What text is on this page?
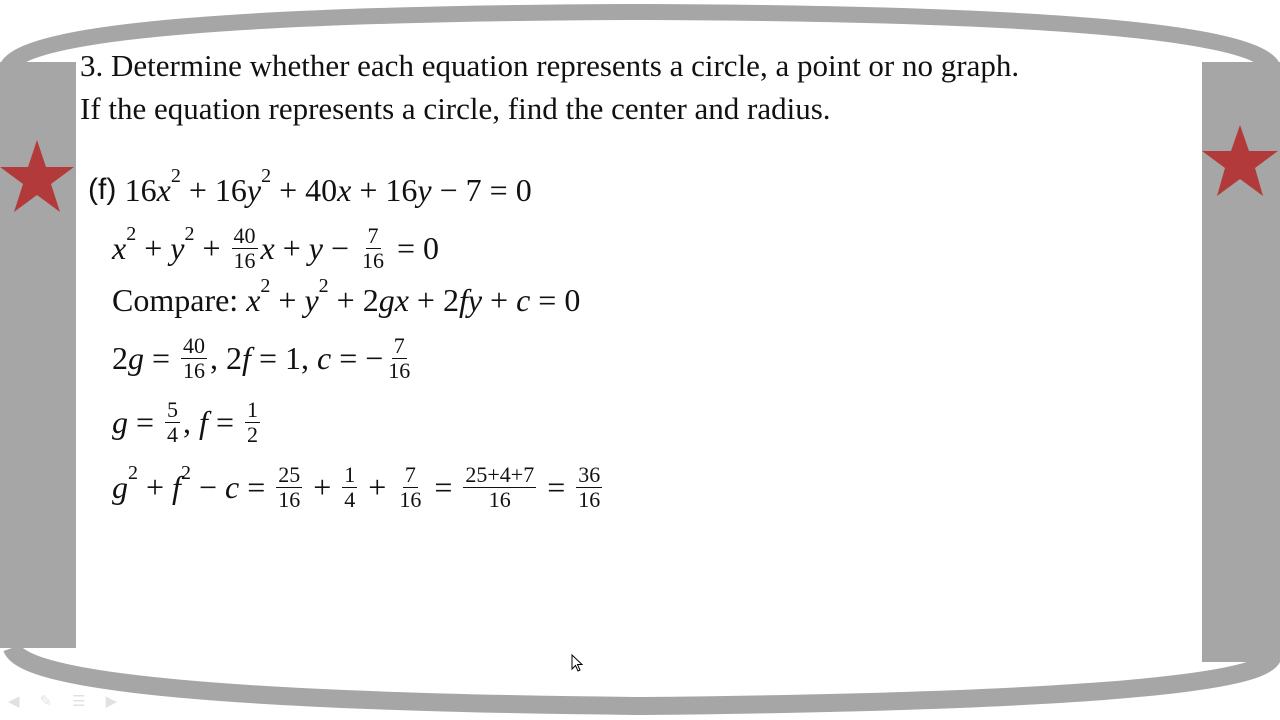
3. Determine whether each equation represents a circle, a point or no graph.
If the equation represents a circle, find the center and radius.
(f) 16 x 2 + 16 y 2 + 40 x + 16 y − 7 = 0
x 2 + y $2 + \frac{40}{16}$ $x + y - \frac{7}{16} = 0$
Compare: x 2 + y 2 + 2 gx + 2 fy + c = 0
2 $g = \frac{40}{16}$ , 2 f = 1, c = − $\frac{7}{16}$
$g = \frac{5}{4}$ , $f = \frac{1}{2}$
g 2 + f $2 - c = \frac{25}{16} + \frac{1}{4} + \frac{7}{16} = \frac{25+4+7}{16} = \frac{36}{16}$
◀ ✎ ☰ ▶
